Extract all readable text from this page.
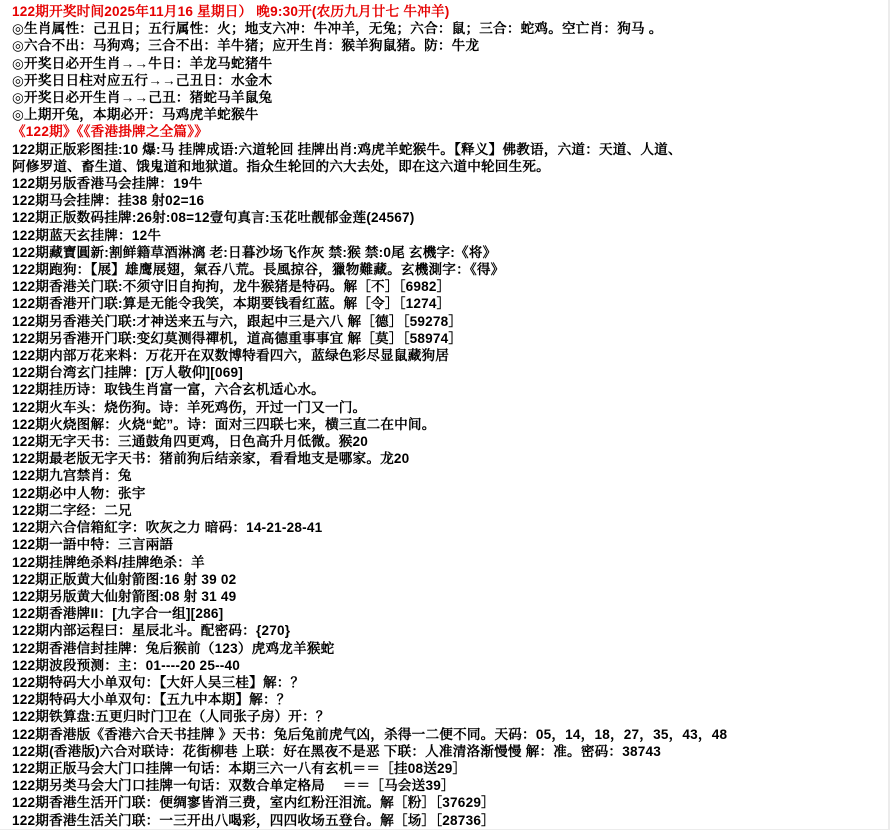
122期开奖时间2025年11月16 星期日） 晚9:30开(农历九月廿七 牛冲羊)
◎生肖属性：己丑日；五行属性：火；地支六冲：牛冲羊，无兔；六合：鼠；三合：蛇鸡。空亡肖：狗马 。
◎六合不出：马狗鸡；三合不出：羊牛猪；应开生肖：猴羊狗鼠猪。防：牛龙
◎开奖日必开生肖→→牛日：羊龙马蛇猪牛
◎开奖日日柱对应五行→→己丑日：水金木
◎开奖日必开生肖→→己丑：猪蛇马羊鼠兔
◎上期开兔，本期必开：马鸡虎羊蛇猴牛
《122期》《《香港掛牌之全篇》》
122期正版彩图挂:10 爆:马 挂牌成语:六道轮回 挂牌出肖:鸡虎羊蛇猴牛。【释义】佛教语，六道：天道、人道、
阿修罗道、畜生道、饿鬼道和地狱道。指众生轮回的六大去处，即在这六道中轮回生死。
122期另版香港马会挂牌：19牛
122期马会挂牌：挂38 射02=16
122期正版数码挂牌:26射:08=12壹句真言:玉花吐靓郁金莲(24567)
122期蓝天玄挂牌：12牛
122期藏寶圓新:割鲜籍草酒淋漓 老:日暮沙场飞作灰 禁:猴 禁:0尾 玄機字:《将》
122期跑狗：【展】雄鹰展翅，氣吞八荒。長風掠谷，獵物難藏。玄機測字：《得》
122期香港关门联:不须守旧自拘拘，龙牛猴猪是特码。解［不］［6982］
122期香港开门联:算是无能令我笑，本期要钱看红蓝。解［令］［1274］
122期另香港关门联:才神送来五与六，跟起中三是六八 解［德］［59278］
122期另香港开门联:变幻莫测得禪机，道高德重事事宜 解［莫］［58974］
122期内部万花来料：万花开在双数博特看四六，蓝绿色彩尽显鼠藏狗居
122期台湾玄门挂牌：[万人敬仰][069]
122期挂历诗：取钱生肖富一富，六合玄机适心水。
122期火车头：烧伤狗。诗：羊死鸡伤，开过一门又一门。
122期火烧图解：火烧“蛇”。诗：面对三四联七来，横三直二在中间。
122期无字天书：三通鼓角四更鸡，日色高升月低微。猴20
122期最老版无字天书：猪前狗后结亲家，看看地支是哪家。龙20
122期九宫禁肖：兔
122期必中人物：张宇
122期二字经：二兄
122期六合信箱紅字：吹灰之力 暗码：14-21-28-41
122期一語中特：三言兩語
122期挂牌绝杀料/挂牌绝杀：羊
122期正版黄大仙射箭图:16 射 39 02
122期另版黄大仙射箭图:08 射 31 49
122期香港牌II：[九字合一组][286]
122期内部运程曰：星辰北斗。配密码：{270}
122期香港信封挂牌：兔后猴前（123）虎鸡龙羊猴蛇
122期波段预测：主：01----20 25--40
122期特码大小单双句：【大奸人吴三桂】解：？
122期特码大小单双句：【五九中本期】解：？
122期铁算盘:五更归时门卫在（人同张子房）开：？
122期香港版《香港六合天书挂牌 》天书：兔后兔前虎气凶，杀得一二便不同。天码：05，14，18，27，35，43，48
122期(香港版)六合对联诗：花街柳巷 上联：好在黑夜不是恶 下联：人准清洛渐慢慢 解：准。密码：38743
122期正版马会大门口挂牌一句话：本期三六一八有玄机＝＝［挂08送29］
122期另类马会大门口挂牌一句话：双数合单定格局　 ＝＝［马会送39］
122期香港生活开门联：便绸寥皆消三费，室内红粉汪泪流。解［粉］［37629］
122期香港生活关门联：一三开出八喝彩，四四收场五登台。解［场］［28736］
